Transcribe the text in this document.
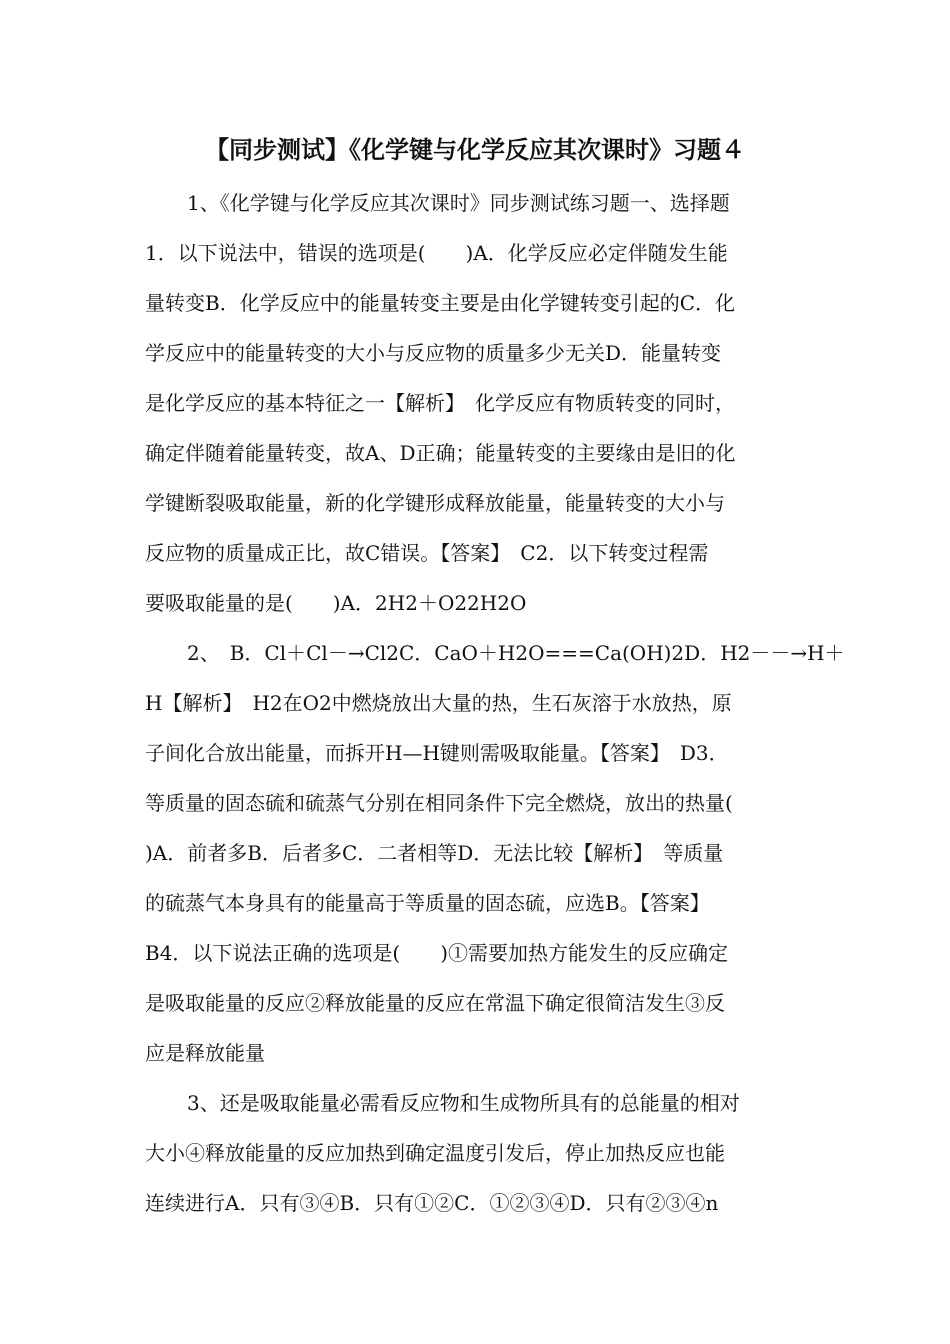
【同步测试】《化学键与化学反应其次课时》习题４
1、《化学键与化学反应其次课时》同步测试练习题一、选择题
1．以下说法中，错误的选项是(　　)A．化学反应必定伴随发生能
量转变B．化学反应中的能量转变主要是由化学键转变引起的C．化
学反应中的能量转变的大小与反应物的质量多少无关D．能量转变
是化学反应的基本特征之一【解析】　化学反应有物质转变的同时，
确定伴随着能量转变，故A、D正确；能量转变的主要缘由是旧的化
学键断裂吸取能量，新的化学键形成释放能量，能量转变的大小与
反应物的质量成正比，故C错误。【答案】　C2．以下转变过程需
要吸取能量的是(　　)A．2H2＋O22H2O
2、　B．Cl＋Cl－→Cl2C．CaO＋H2O===Ca(OH)2D．H2－－→H＋
H【解析】　H2在O2中燃烧放出大量的热，生石灰溶于水放热，原
子间化合放出能量，而拆开H—H键则需吸取能量。【答案】　D3．
等质量的固态硫和硫蒸气分别在相同条件下完全燃烧，放出的热量(
)A．前者多B．后者多C．二者相等D．无法比较【解析】　等质量
的硫蒸气本身具有的能量高于等质量的固态硫，应选B。【答案】
B4．以下说法正确的选项是(　　)①需要加热方能发生的反应确定
是吸取能量的反应②释放能量的反应在常温下确定很简洁发生③反
应是释放能量
3、还是吸取能量必需看反应物和生成物所具有的总能量的相对
大小④释放能量的反应加热到确定温度引发后，停止加热反应也能
连续进行A．只有③④B．只有①②C．①②③④D．只有②③④n
